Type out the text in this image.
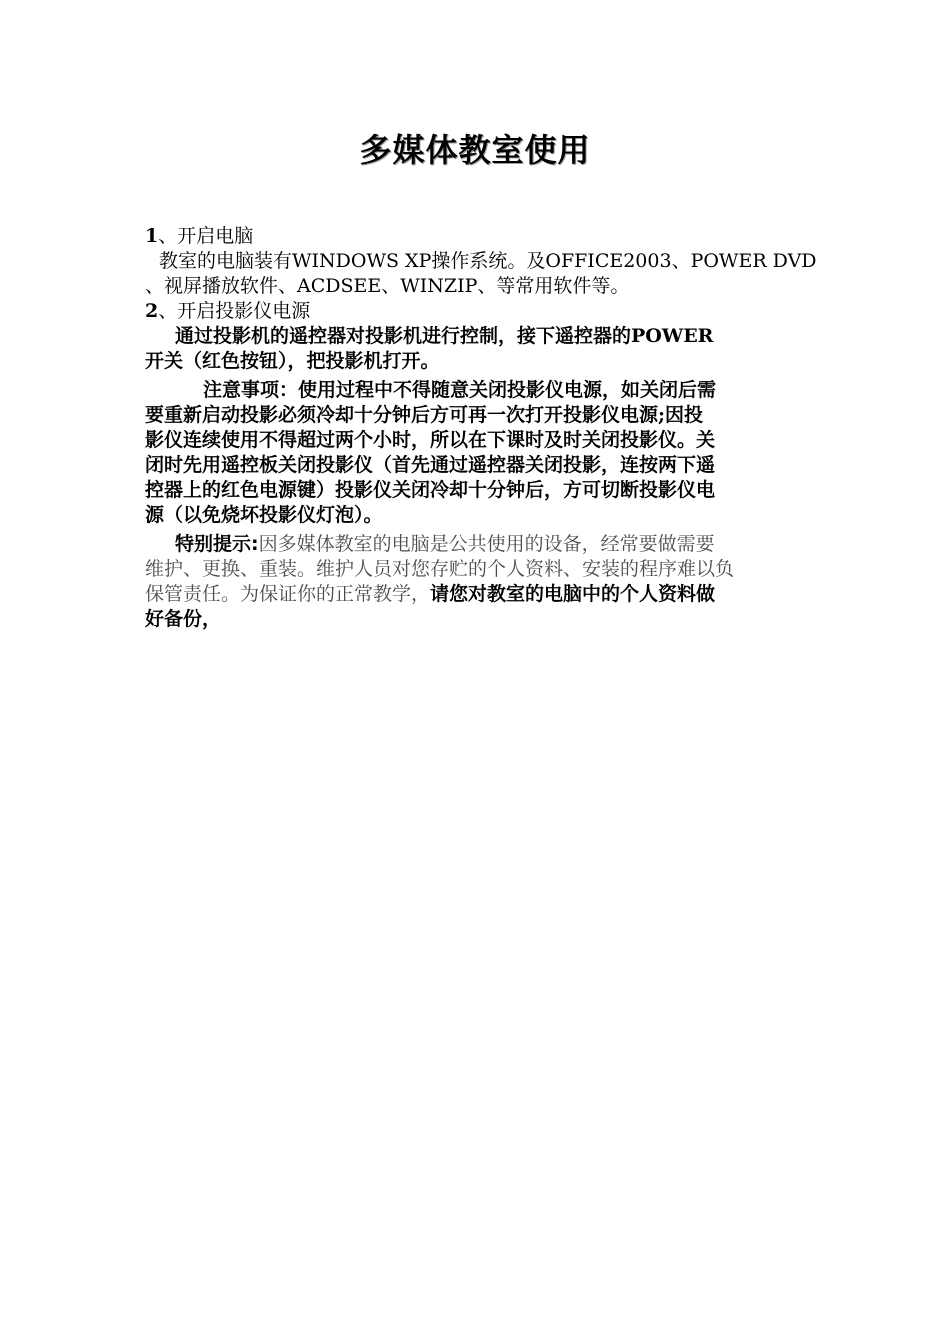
多媒体教室使用
1、开启电脑
教室的电脑装有WINDOWS XP操作系统。及OFFICE2003、POWER DVD
、视屏播放软件、ACDSEE、WINZIP、等常用软件等。
2、开启投影仪电源
通过投影机的遥控器对投影机进行控制，接下遥控器的POWER
开关（红色按钮），把投影机打开。
注意事项：使用过程中不得随意关闭投影仪电源，如关闭后需
要重新启动投影必须冷却十分钟后方可再一次打开投影仪电源;因投
影仪连续使用不得超过两个小时，所以在下课时及时关闭投影仪。关
闭时先用遥控板关闭投影仪（首先通过遥控器关闭投影，连按两下遥
控器上的红色电源键）投影仪关闭冷却十分钟后，方可切断投影仪电
源（以免烧坏投影仪灯泡）。
特别提示:因多媒体教室的电脑是公共使用的设备，经常要做需要
维护、更换、重装。维护人员对您存贮的个人资料、安装的程序难以负
保管责任。为保证你的正常教学，请您对教室的电脑中的个人资料做
好备份，
